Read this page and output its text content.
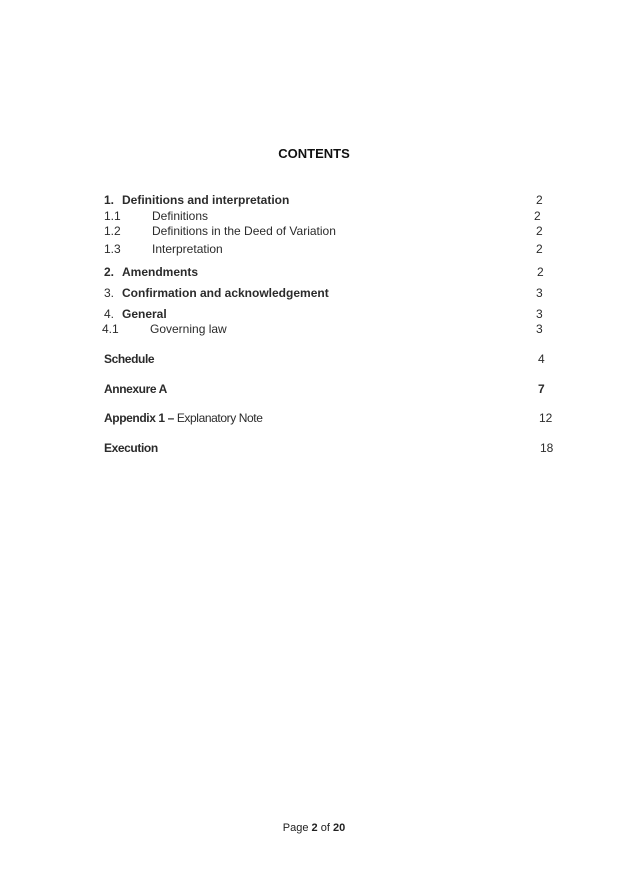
CONTENTS
1. Definitions and interpretation	2
1.1	Definitions	2
1.2	Definitions in the Deed of Variation	2
1.3	Interpretation	2
2. Amendments	2
3. Confirmation and acknowledgement	3
4. General	3
4.1	Governing law	3
Schedule	4
Annexure A	7
Appendix 1 – Explanatory Note	12
Execution	18
Page 2 of 20
